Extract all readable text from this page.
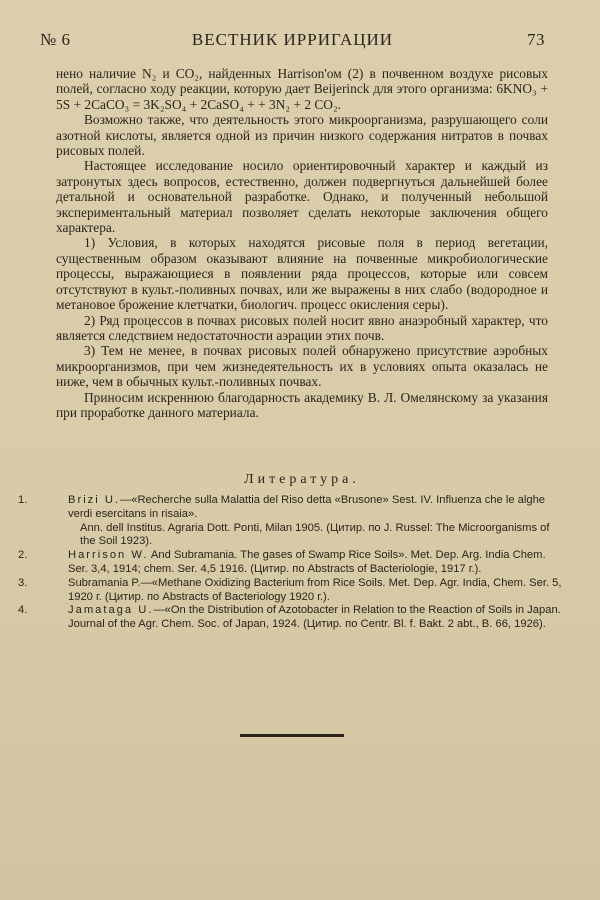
№ 6	ВЕСТНИК ИРРИГАЦИИ	73

нено наличие N₂ и CO₂, найденных Harrison'ом (2) в почвенном воздухе рисовых полей, согласно ходу реакции, которую дает Beijerinck для этого организма: 6KNO₃ + 5S + 2CaCO₃ = 3K₂SO₄ + 2CaSO₄ + + 3N₂ + 2 CO₂.

Возможно также, что деятельность этого микроорганизма, разрушающего соли азотной кислоты, является одной из причин низкого содержания нитратов в почвах рисовых полей.

Настоящее исследование носило ориентировочный характер и каждый из затронутых здесь вопросов, естественно, должен подвергнуться дальнейшей более детальной и основательной разработке. Однако, и полученный небольшой экспериментальный материал позволяет сделать некоторые заключения общего характера.

1) Условия, в которых находятся рисовые поля в период вегетации, существенным образом оказывают влияние на почвенные микробиологические процессы, выражающиеся в появлении ряда процессов, которые или совсем отсутствуют в культ.-поливных почвах, или же выражены в них слабо (водородное и метановое брожение клетчатки, биологич. процесс окисления серы).

2) Ряд процессов в почвах рисовых полей носит явно анаэробный характер, что является следствием недостаточности аэрации этих почв.

3) Тем не менее, в почвах рисовых полей обнаружено присутствие аэробных микроорганизмов, при чем жизнедеятельность их в условиях опыта оказалась не ниже, чем в обычных культ.-поливных почвах.

Приносим искреннюю благодарность академику В. Л. Омелянскому за указания при проработке данного материала.

Литература.
1.	Brizi U.—«Recherche sulla Malattia del Riso detta «Brusone» Sest. IV. Influenza che le alghe verdi esercitans in risaia».
Ann. dell Institus. Agraria Dott. Ponti, Milan 1905. (Цитир. по J. Russel: The Microorganisms of the Soil 1923).
2.	Harrison W. And Subramania. The gases of Swamp Rice Soils». Met. Dep. Arg. India Chem. Ser. 3,4, 1914; chem. Ser. 4,5 1916. (Цитир. по Abstracts of Bacteriologie, 1917 г.).
3.	Subramania P.—«Methane Oxidizing Bacterium from Rice Soils. Met. Dep. Agr. India, Chem. Ser. 5, 1920 г. (Цитир. по Abstracts of Bacteriology 1920 г.).
4.	Jamataga U.—«On the Distribution of Azotobacter in Relation to the Reaction of Soils in Japan. Journal of the Agr. Chem. Soc. of Japan, 1924. (Цитир. по Centr. Bl. f. Bakt. 2 abt., B. 66, 1926).
